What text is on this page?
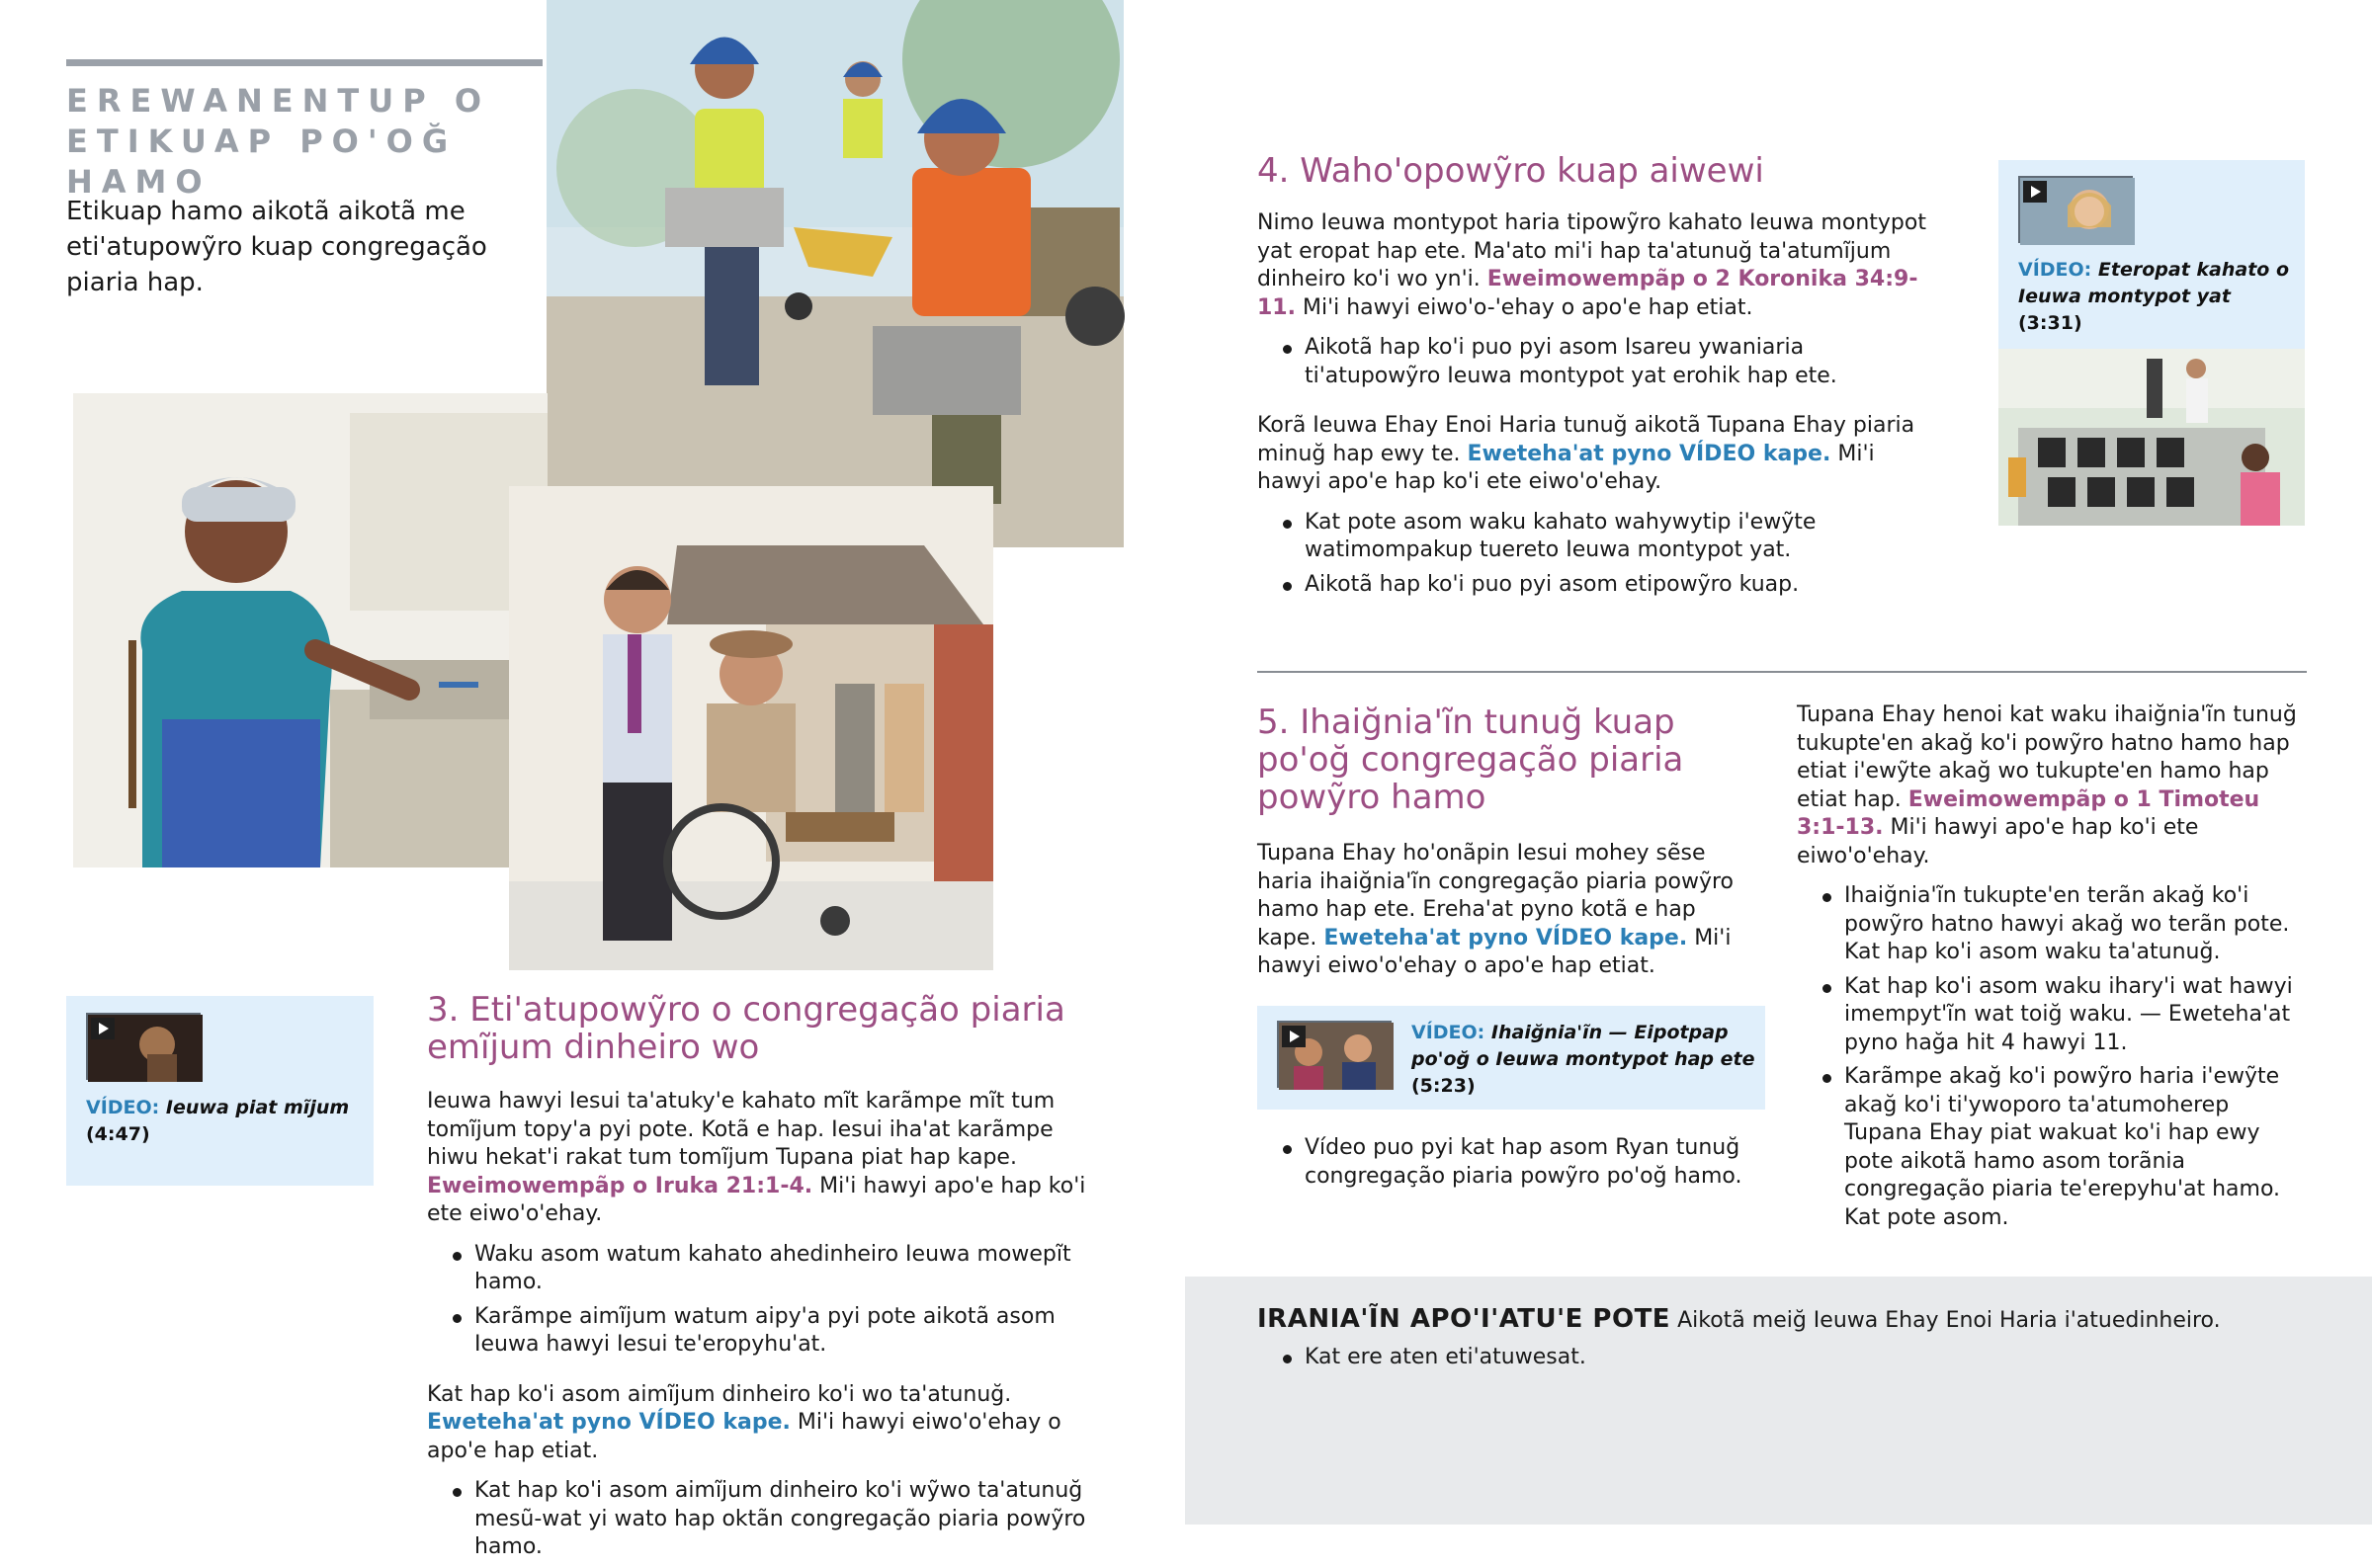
EREWANENTUP O
ETIKUAP PO'OĞ HAMO
Etikuap hamo aikotã aikotã me eti'atupowỹro kuap congregação piaria hap.
VÍDEO: Ieuwa piat mĩjum
(4:47)
3. Eti'atupowỹro o congregação piaria emĩjum dinheiro wo

Ieuwa hawyi Iesui ta'atuky'e kahato mĩt karãmpe mĩt tum tomĩjum topy'a pyi pote. Kotã e hap. Iesui iha'at karãmpe hiwu hekat'i rakat tum tomĩjum Tupana piat hap kape. Eweimowempãp o Iruka 21:1-4. Mi'i hawyi apo'e hap ko'i ete eiwo'o'ehay.

Waku asom watum kahato ahedinheiro Ieuwa mowepĩt hamo.
Karãmpe aimĩjum watum aipy'a pyi pote aikotã asom Ieuwa hawyi Iesui te'eropyhu'at.

Kat hap ko'i asom aimĩjum dinheiro ko'i wo ta'atunuğ. Eweteha'at pyno VÍDEO kape. Mi'i hawyi eiwo'o'ehay o apo'e hap etiat.

Kat hap ko'i asom aimĩjum dinheiro ko'i wỹwo ta'atunuğ mesũ-wat yi wato hap oktãn congregação piaria powỹro hamo.
4. Waho'opowỹro kuap aiwewi

Nimo Ieuwa montypot haria tipowỹro kahato Ieuwa montypot yat eropat hap ete. Ma'ato mi'i hap ta'atunuğ ta'atumĩjum dinheiro ko'i wo yn'i. Eweimowempãp o 2 Koronika 34:9-11. Mi'i hawyi eiwo'o-'ehay o apo'e hap etiat.

Aikotã hap ko'i puo pyi asom Isareu ywaniaria ti'atupowỹro Ieuwa montypot yat erohik hap ete.

Korã Ieuwa Ehay Enoi Haria tunuğ aikotã Tupana Ehay piaria minuğ hap ewy te. Eweteha'at pyno VÍDEO kape. Mi'i hawyi apo'e hap ko'i ete eiwo'o'ehay.

Kat pote asom waku kahato wahywytip i'ewỹte watimompakup tuereto Ieuwa montypot yat.
Aikotã hap ko'i puo pyi asom etipowỹro kuap.
VÍDEO: Eteropat kahato o Ieuwa montypot yat (3:31)
5. Ihaiğnia'ĩn tunuğ kuap po'oğ congregação piaria powỹro hamo

Tupana Ehay ho'onãpin Iesui mohey sẽse haria ihaiğnia'ĩn congregação piaria powỹro hamo hap ete. Ereha'at pyno kotã e hap kape. Eweteha'at pyno VÍDEO kape. Mi'i hawyi eiwo'o'ehay o apo'e hap etiat.

VÍDEO: Ihaiğnia'ĩn — Eipotpap po'oğ o Ieuwa montypot hap ete (5:23)
Vídeo puo pyi kat hap asom Ryan tunuğ congregação piaria powỹro po'oğ hamo.

Tupana Ehay henoi kat waku ihaiğnia'ĩn tunuğ tukupte'en akağ ko'i powỹro hatno hamo hap etiat i'ewỹte akağ wo tukupte'en hamo hap etiat hap. Eweimowempãp o 1 Timoteu 3:1-13. Mi'i hawyi apo'e hap ko'i ete eiwo'o'ehay.

Ihaiğnia'ĩn tukupte'en terãn akağ ko'i powỹro hatno hawyi akağ wo terãn pote. Kat hap ko'i asom waku ta'atunuğ.
Kat hap ko'i asom waku ihary'i wat hawyi imempyt'ĩn wat toiğ waku. — Eweteha'at pyno hağa hit 4 hawyi 11.
Karãmpe akağ ko'i powỹro haria i'ewỹte akağ ko'i ti'ywoporo ta'atumoherep Tupana Ehay piat wakuat ko'i hap ewy pote aikotã hamo asom torãnia congregação piaria te'erepyhu'at hamo. Kat pote asom.

IRANIA'ĨN APO'I'ATU'E POTE Aikotã meiğ Ieuwa Ehay Enoi Haria i'atuedinheiro.

Kat ere aten eti'atuwesat.
